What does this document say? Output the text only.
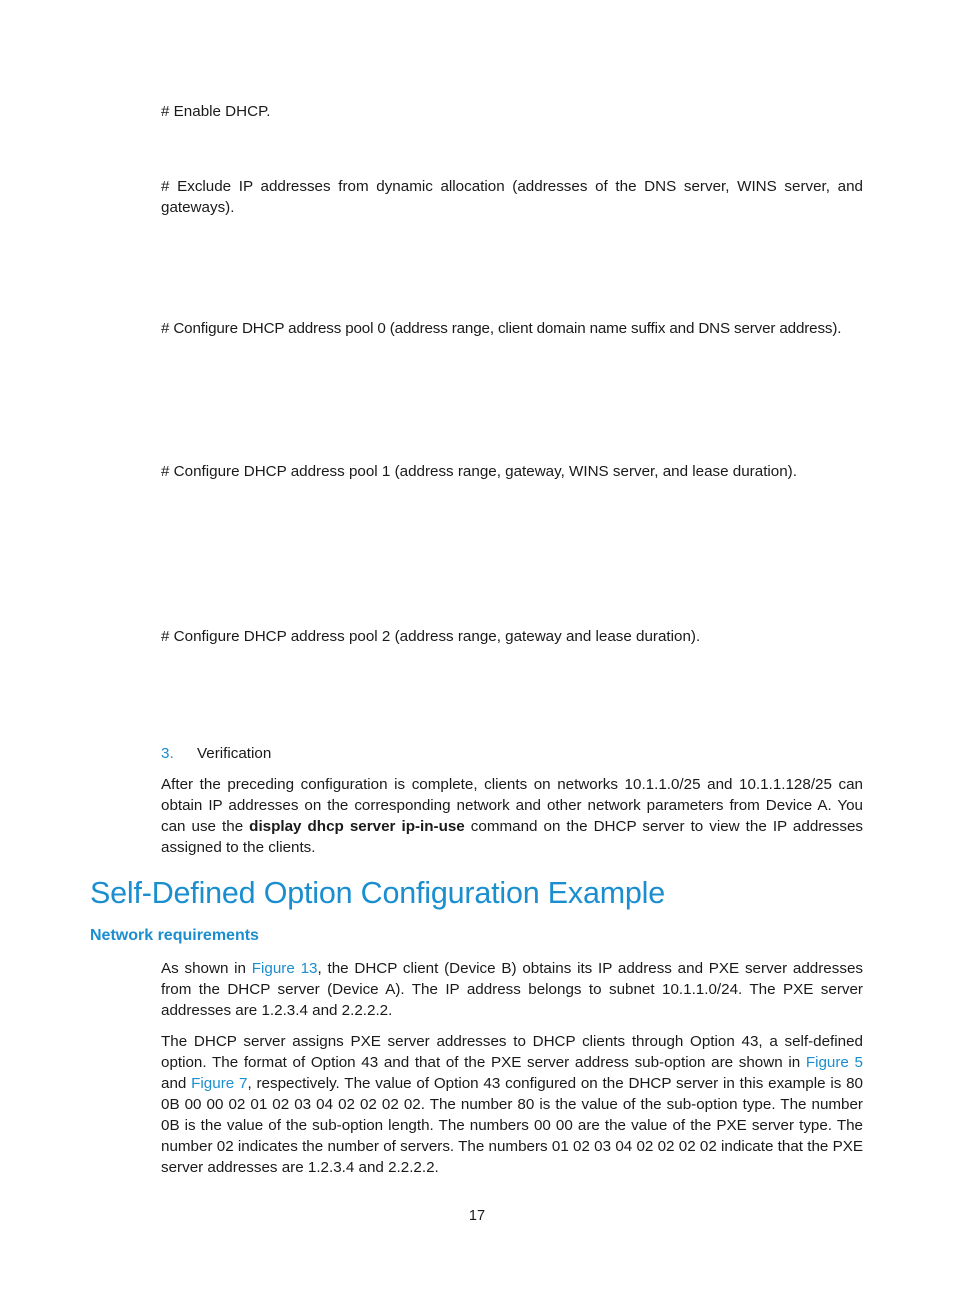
# Enable DHCP.

# Exclude IP addresses from dynamic allocation (addresses of the DNS server, WINS server, and gateways).

# Configure DHCP address pool 0 (address range, client domain name suffix and DNS server address).

# Configure DHCP address pool 1 (address range, gateway, WINS server, and lease duration).

# Configure DHCP address pool 2 (address range, gateway and lease duration).

3. Verification

After the preceding configuration is complete, clients on networks 10.1.1.0/25 and 10.1.1.128/25 can obtain IP addresses on the corresponding network and other network parameters from Device A. You can use the display dhcp server ip-in-use command on the DHCP server to view the IP addresses assigned to the clients.

Self-Defined Option Configuration Example
Network requirements

As shown in Figure 13, the DHCP client (Device B) obtains its IP address and PXE server addresses from the DHCP server (Device A). The IP address belongs to subnet 10.1.1.0/24. The PXE server addresses are 1.2.3.4 and 2.2.2.2.

The DHCP server assigns PXE server addresses to DHCP clients through Option 43, a self-defined option. The format of Option 43 and that of the PXE server address sub-option are shown in Figure 5 and Figure 7, respectively. The value of Option 43 configured on the DHCP server in this example is 80 0B 00 00 02 01 02 03 04 02 02 02 02. The number 80 is the value of the sub-option type. The number 0B is the value of the sub-option length. The numbers 00 00 are the value of the PXE server type. The number 02 indicates the number of servers. The numbers 01 02 03 04 02 02 02 02 indicate that the PXE server addresses are 1.2.3.4 and 2.2.2.2.

17
